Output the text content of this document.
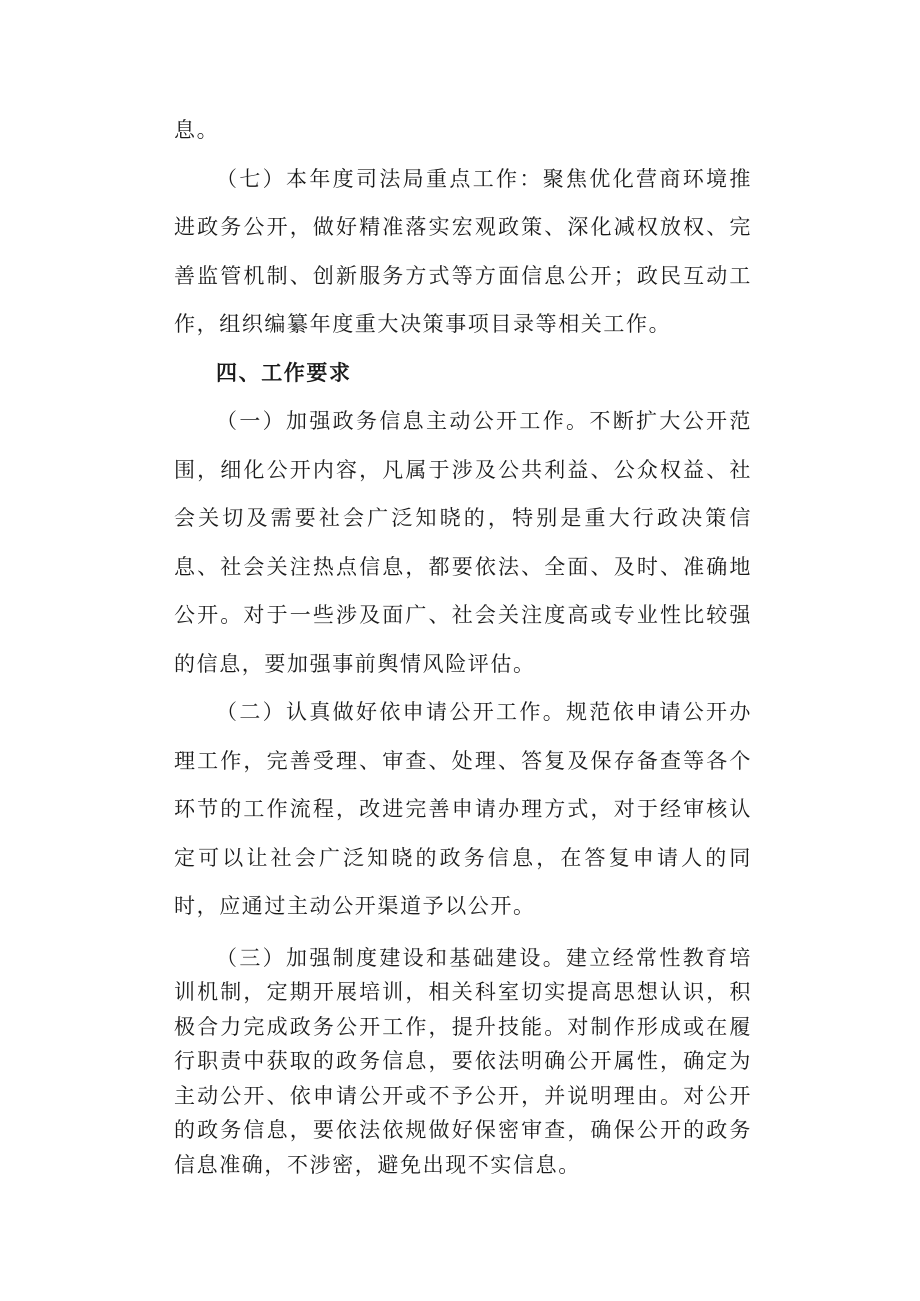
息。

（七）本年度司法局重点工作：聚焦优化营商环境推进政务公开，做好精准落实宏观政策、深化减权放权、完善监管机制、创新服务方式等方面信息公开；政民互动工作，组织编纂年度重大决策事项目录等相关工作。

四、工作要求

（一）加强政务信息主动公开工作。不断扩大公开范围，细化公开内容，凡属于涉及公共利益、公众权益、社会关切及需要社会广泛知晓的，特别是重大行政决策信息、社会关注热点信息，都要依法、全面、及时、准确地公开。对于一些涉及面广、社会关注度高或专业性比较强的信息，要加强事前舆情风险评估。

（二）认真做好依申请公开工作。规范依申请公开办理工作，完善受理、审查、处理、答复及保存备查等各个环节的工作流程，改进完善申请办理方式，对于经审核认定可以让社会广泛知晓的政务信息，在答复申请人的同时，应通过主动公开渠道予以公开。

（三）加强制度建设和基础建设。建立经常性教育培训机制，定期开展培训，相关科室切实提高思想认识，积极合力完成政务公开工作，提升技能。对制作形成或在履行职责中获取的政务信息，要依法明确公开属性，确定为主动公开、依申请公开或不予公开，并说明理由。对公开的政务信息，要依法依规做好保密审查，确保公开的政务信息准确，不涉密，避免出现不实信息。
